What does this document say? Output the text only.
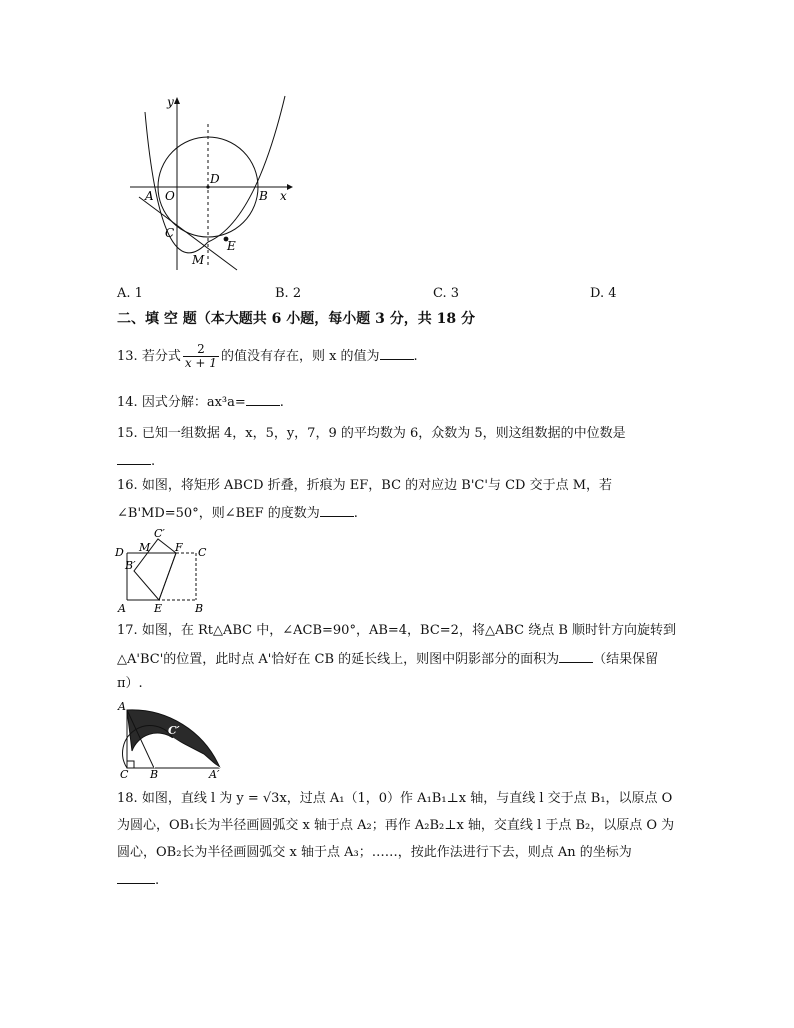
y
x
D
A O	B
C
E
M
A. 1	B. 2	C. 3	D. 4
二、填 空 题（本大题共 6 小题，每小题 3 分，共 18 分
13. 若分式 $\frac{2}{x + 1}$ 的值没有存在，则 x 的值为	.
14. 因式分解：ax³a=	.
15. 已知一组数据 4，x，5，y，7，9 的平均数为 6，众数为 5，则这组数据的中位数是
.
16. 如图，将矩形 ABCD 折叠，折痕为 EF，BC 的对应边 B'C'与 CD 交于点 M，若
∠B'MD=50°，则∠BEF 的度数为	.
C′
D M F C
B′
A	E	B
17. 如图，在 Rt△ABC 中，∠ACB=90°，AB=4，BC=2，将△ABC 绕点 B 顺时针方向旋转到
△A'BC'的位置，此时点 A'恰好在 CB 的延长线上，则图中阴影部分的面积为	（结果保留
π）.
A
C′
C B	A′
18. 如图，直线 l 为 y = √3x，过点 A₁（1，0）作 A₁B₁⊥x 轴，与直线 l 交于点 B₁，以原点 O
为圆心，OB₁长为半径画圆弧交 x 轴于点 A₂；再作 A₂B₂⊥x 轴，交直线 l 于点 B₂，以原点 O 为
圆心，OB₂长为半径画圆弧交 x 轴于点 A₃；……，按此作法进行下去，则点 An 的坐标为
.
